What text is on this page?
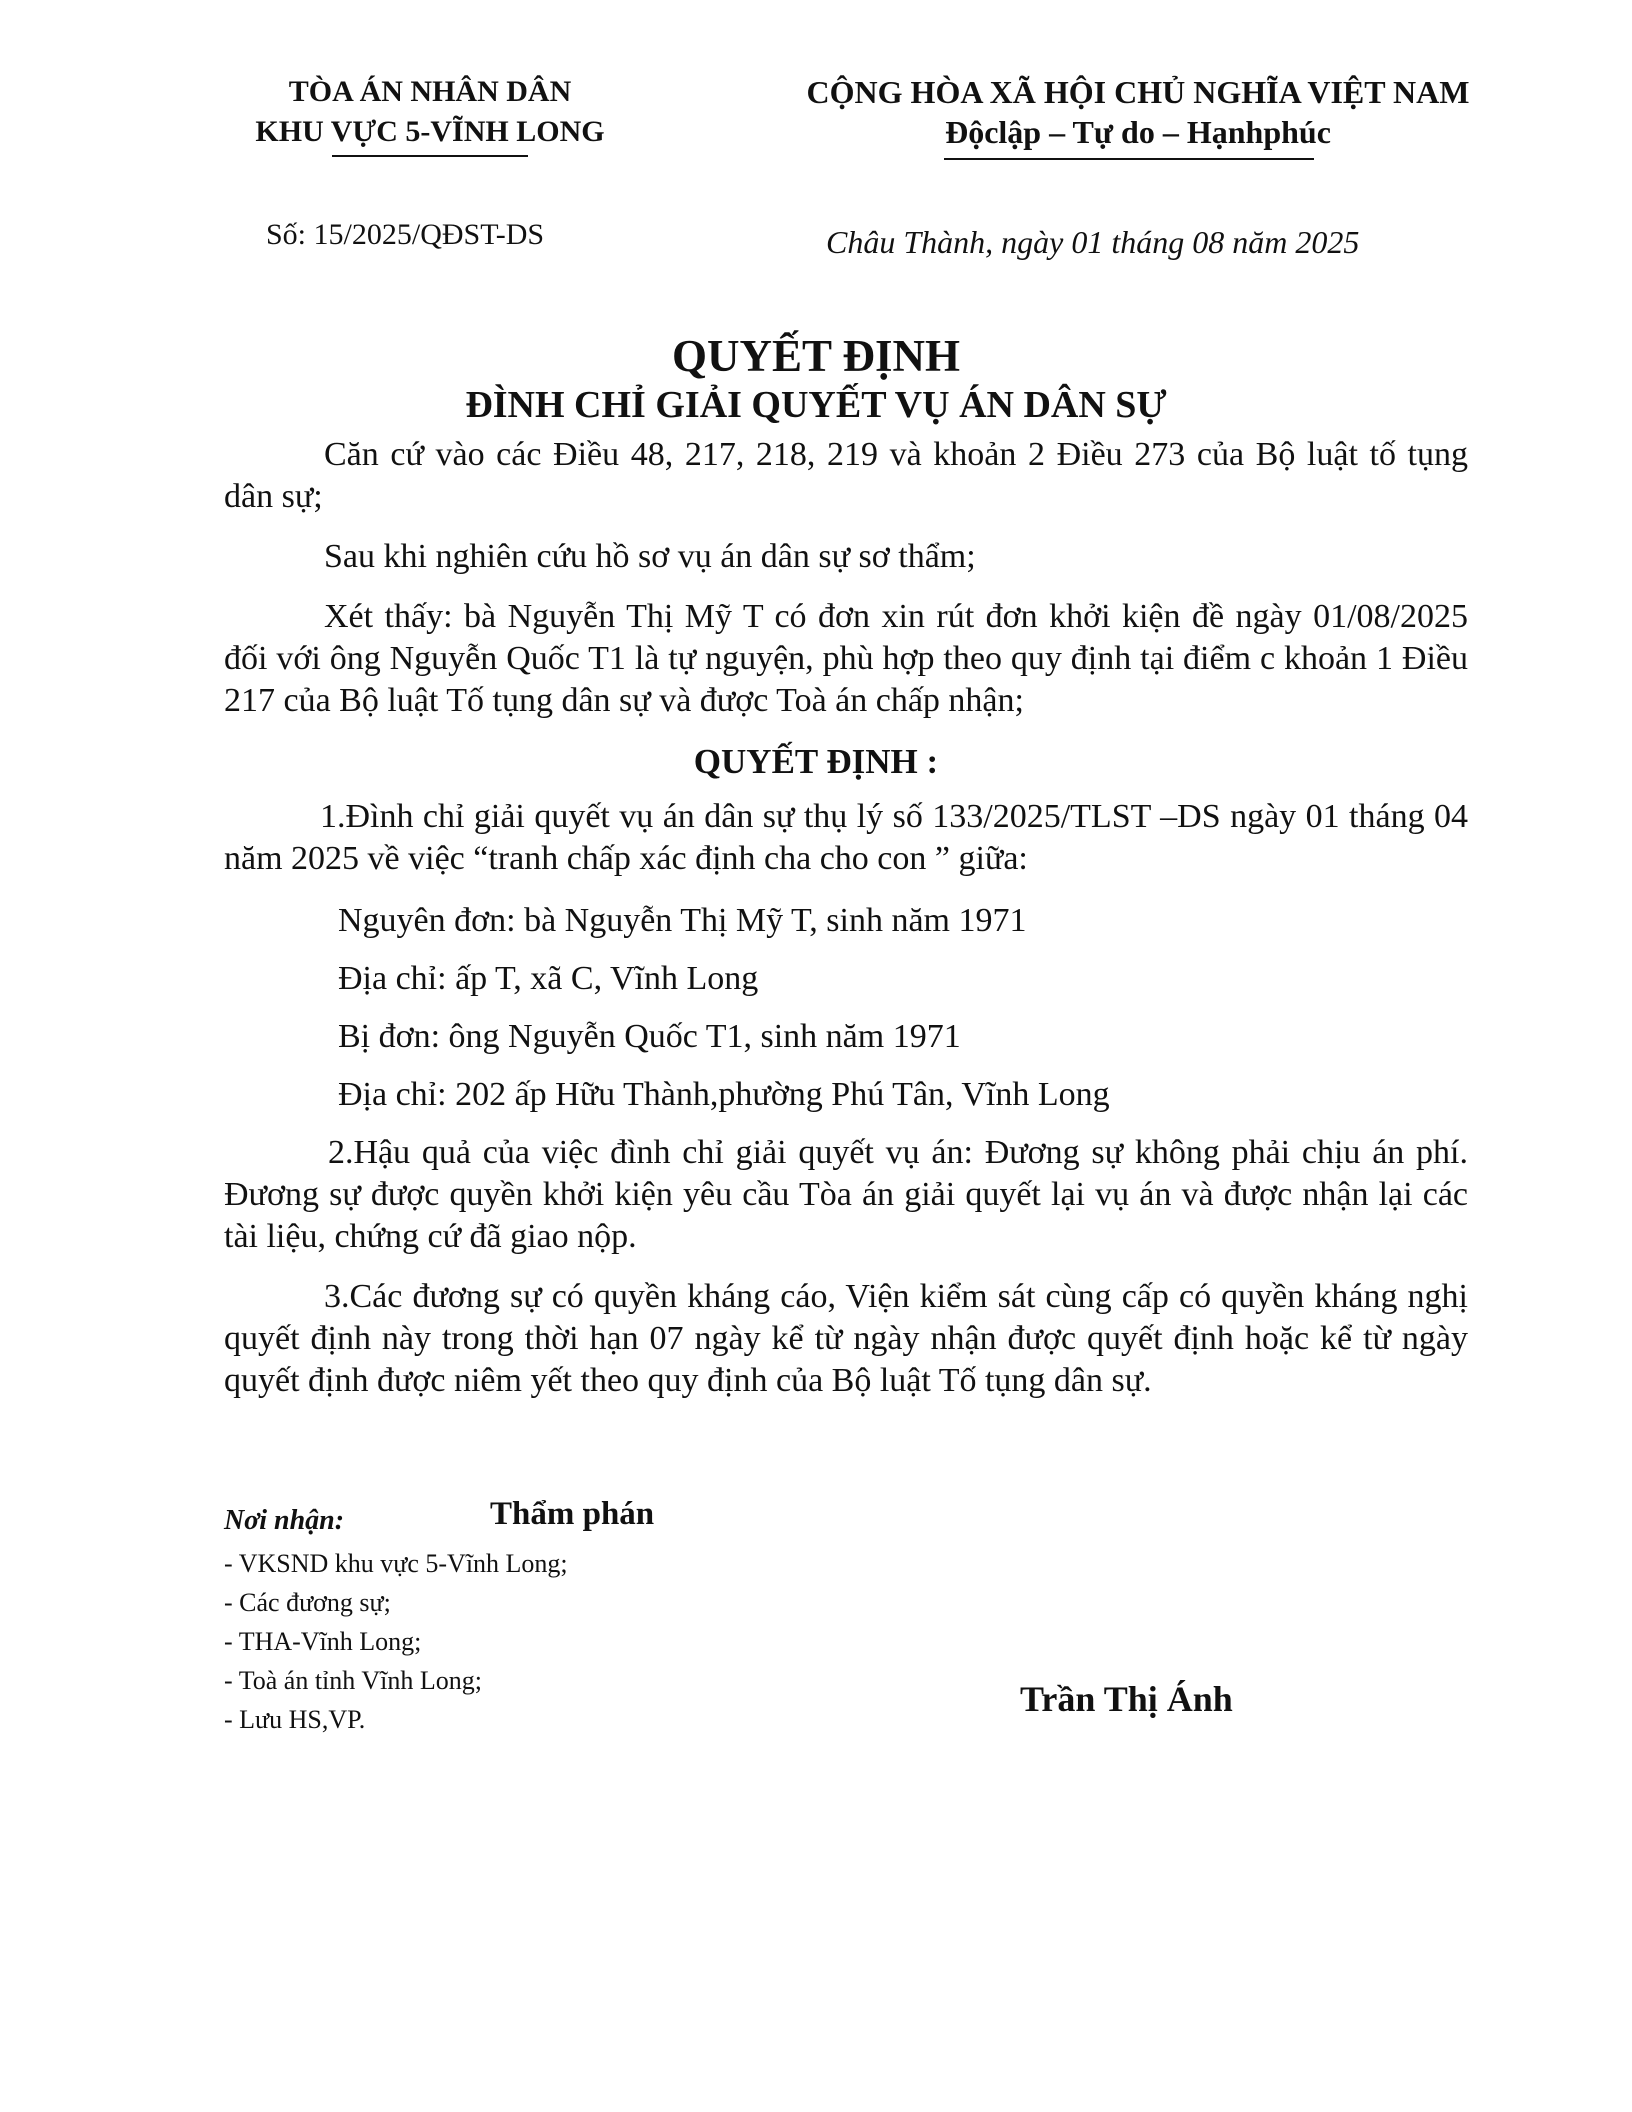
TÒA ÁN NHÂN DÂN
KHU VỰC 5-VĨNH LONG
CỘNG HÒA XÃ HỘI CHỦ NGHĨA VIỆT NAM
Độclập – Tự do – Hạnhphúc
Số: 15/2025/QĐST-DS	Châu Thành, ngày 01 tháng 08 năm 2025
QUYẾT ĐỊNH
ĐÌNH CHỈ GIẢI QUYẾT VỤ ÁN DÂN SỰ

Căn cứ vào các Điều 48, 217, 218, 219 và khoản 2 Điều 273 của Bộ luật tố tụng dân sự;

Sau khi nghiên cứu hồ sơ vụ án dân sự sơ thẩm;

Xét thấy: bà Nguyễn Thị Mỹ T có đơn xin rút đơn khởi kiện đề ngày 01/08/2025 đối với ông Nguyễn Quốc T1 là tự nguyện, phù hợp theo quy định tại điểm c khoản 1 Điều 217 của Bộ luật Tố tụng dân sự và được Toà án chấp nhận;

QUYẾT ĐỊNH :

1.Đình chỉ giải quyết vụ án dân sự thụ lý số 133/2025/TLST –DS ngày 01 tháng 04 năm 2025 về việc “tranh chấp xác định cha cho con ” giữa:

Nguyên đơn: bà Nguyễn Thị Mỹ T, sinh năm 1971
Địa chỉ: ấp T, xã C, Vĩnh Long
Bị đơn: ông Nguyễn Quốc T1, sinh năm 1971
Địa chỉ: 202 ấp Hữu Thành,phường Phú Tân, Vĩnh Long

2.Hậu quả của việc đình chỉ giải quyết vụ án: Đương sự không phải chịu án phí. Đương sự được quyền khởi kiện yêu cầu Tòa án giải quyết lại vụ án và được nhận lại các tài liệu, chứng cứ đã giao nộp.

3.Các đương sự có quyền kháng cáo, Viện kiểm sát cùng cấp có quyền kháng nghị quyết định này trong thời hạn 07 ngày kể từ ngày nhận được quyết định hoặc kể từ ngày quyết định được niêm yết theo quy định của Bộ luật Tố tụng dân sự.

Nơi nhận:	Thẩm phán
- VKSND khu vực 5-Vĩnh Long;
- Các đương sự;
- THA-Vĩnh Long;
- Toà án tỉnh Vĩnh Long;
- Lưu HS,VP.
Trần Thị Ánh
